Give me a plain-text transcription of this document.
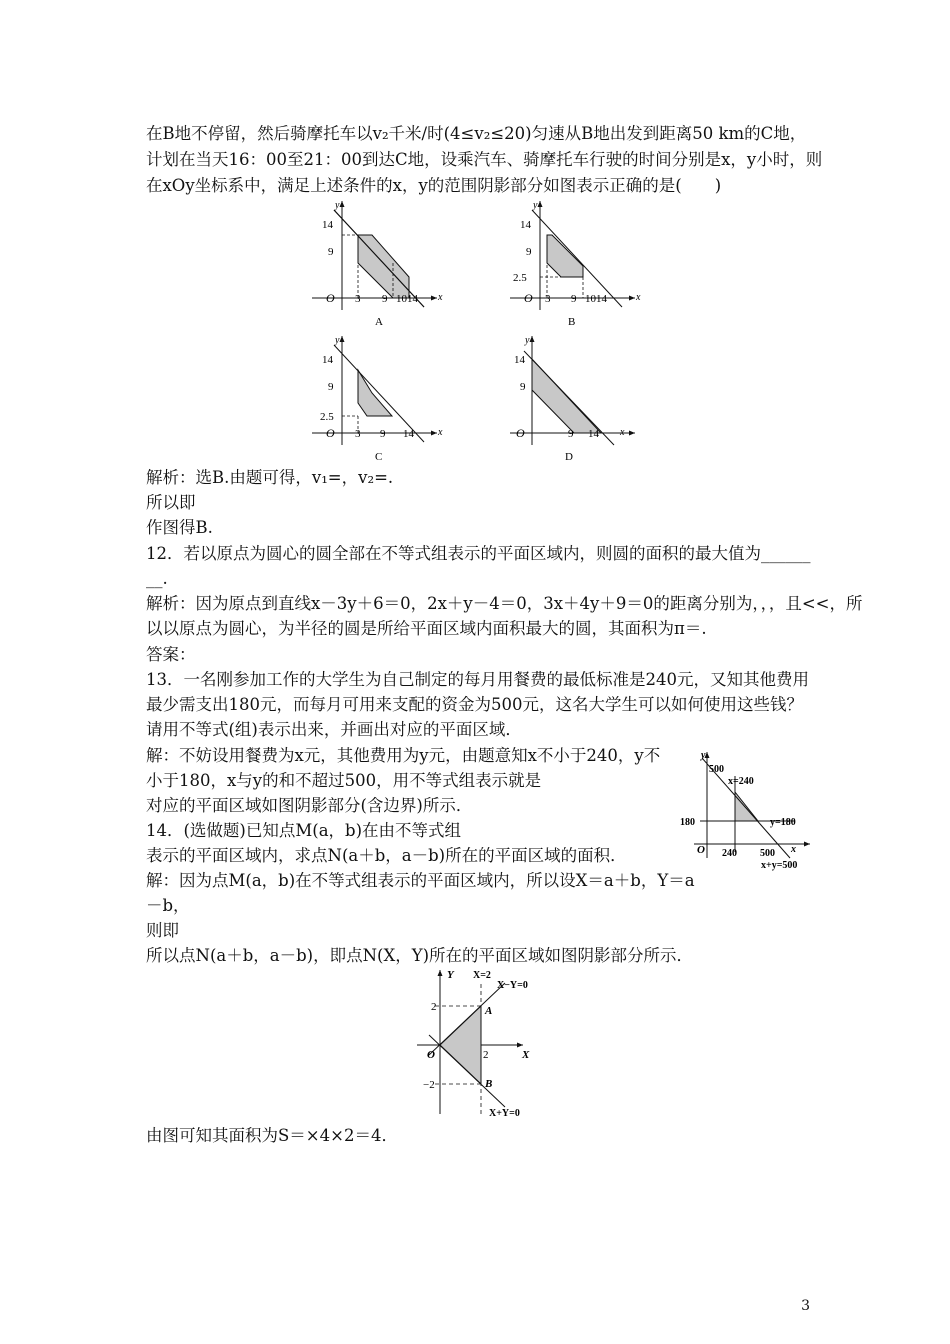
在B地不停留，然后骑摩托车以v₂千米/时(4≤v₂≤20)匀速从B地出发到距离50 km的C地，
计划在当天16：00至21：00到达C地，设乘汽车、骑摩托车行驶的时间分别是x，y小时，则
在xOy坐标系中，满足上述条件的x，y的范围阴影部分如图表示正确的是(　　)
y
14
9
O 3 9 1014 x
A
y
14
9
2.5
O 3 9 1014	x
B
y
14
9
2.5
O 3 9 14 x
C
y
14
9
O	9 14 x
D
解析：选B.由题可得，v₁=，v₂=.
所以即
作图得B.
12．若以原点为圆心的圆全部在不等式组表示的平面区域内，则圆的面积的最大值为______
__.
解析：因为原点到直线x－3y＋6＝0，2x＋y－4＝0，3x＋4y＋9＝0的距离分别为，，，且<<，所
以以原点为圆心，为半径的圆是所给平面区域内面积最大的圆，其面积为π＝.
答案：
13．一名刚参加工作的大学生为自己制定的每月用餐费的最低标准是240元，又知其他费用
最少需支出180元，而每月可用来支配的资金为500元，这名大学生可以如何使用这些钱？
请用不等式(组)表示出来，并画出对应的平面区域．
解：不妨设用餐费为x元，其他费用为y元，由题意知x不小于240，y不
小于180，x与y的和不超过500，用不等式组表示就是
对应的平面区域如图阴影部分(含边界)所示．
14．(选做题)已知点M(a，b)在由不等式组
表示的平面区域内，求点N(a＋b，a－b)所在的平面区域的面积．
解：因为点M(a，b)在不等式组表示的平面区域内，所以设X＝a＋b，Y＝a
－b，
则即
所以点N(a＋b，a－b)，即点N(X，Y)所在的平面区域如图阴影部分所示．
y
500
x=240
180	y=180
O 240 500 x
x+y=500
Y X=2
X−Y=0
2	A
O	2	X
B
−2
X+Y=0
由图可知其面积为S＝×4×2＝4．
3
